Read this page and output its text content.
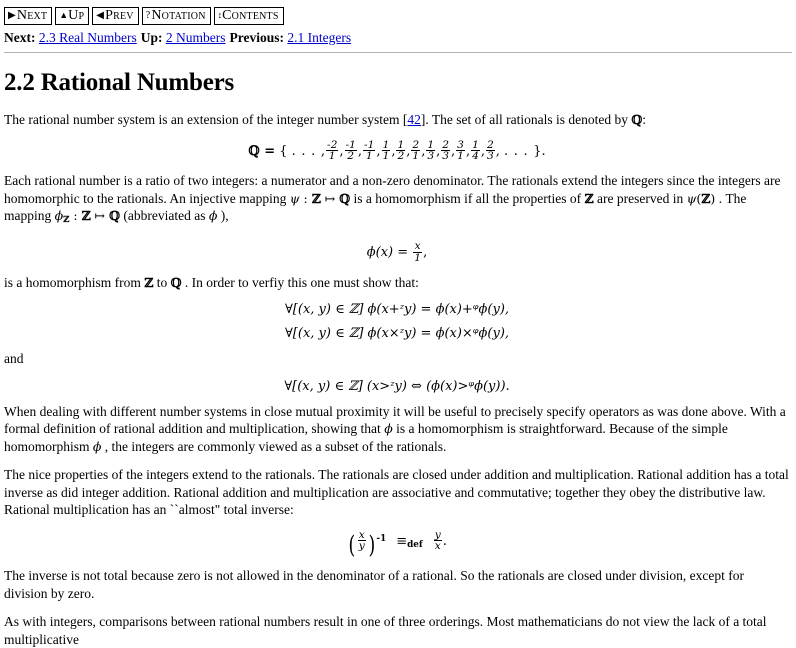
▶Next ▲Up ◀Prev ?Notation ↕Contents
Next: 2.3 Real Numbers Up: 2 Numbers Previous: 2.1 Integers
2.2 Rational Numbers

The rational number system is an extension of the integer number system [42]. The set of all rationals is denoted by ℚ:

ℚ = { . . . , $\frac{-2}{1}$ , $\frac{-1}{2}$ , $\frac{-1}{1}$ , $\frac{1}{1}$ , $\frac{1}{2}$ , $\frac{2}{1}$ , $\frac{1}{3}$ , $\frac{2}{3}$ , $\frac{3}{1}$ , $\frac{1}{4}$ , $\frac{2}{3}$ , . . . }.

Each rational number is a ratio of two integers: a numerator and a non-zero denominator. The rationals extend the integers since the integers are homomorphic to the rationals. An injective mapping ψ : ℤ ↦ ℚ is a homomorphism if all the properties of ℤ are preserved in ψ(ℤ) . The mapping $\phi_ℤ$ : ℤ ↦ ℚ (abbreviated as ϕ ),

$\phi(x) = \frac{x}{1}$ ,

is a homomorphism from ℤ to ℚ . In order to verfiy this one must show that:

∀[(x, y) ∈ ℤ] ϕ(x+ᶻy) = ϕ(x)+ᵠϕ(y),
∀[(x, y) ∈ ℤ] ϕ(x×ᶻy) = ϕ(x)×ᵠϕ(y),

and

∀[(x, y) ∈ ℤ] (x>ᶻy) ⇔ (ϕ(x)>ᵠϕ(y)).

When dealing with different number systems in close mutual proximity it will be useful to precisely specify operators as was done above. With a formal definition of rational addition and multiplication, showing that ϕ is a homomorphism is straightforward. Because of the simple homomorphism ϕ , the integers are commonly viewed as a subset of the rationals.

The nice properties of the integers extend to the rationals. The rationals are closed under addition and multiplication. Rational addition has a total inverse as did integer addition. Rational addition and multiplication are associative and commutative; together they obey the distributive law. Rational multiplication has an ``almost" total inverse:

( $\frac{x}{y} )^{-1} \equiv_{def} \frac{y}{x}$ .

The inverse is not total because zero is not allowed in the denominator of a rational. So the rationals are closed under division, except for division by zero.

As with integers, comparisons between rational numbers result in one of three orderings. Most mathematicians do not view the lack of a total multiplicative
